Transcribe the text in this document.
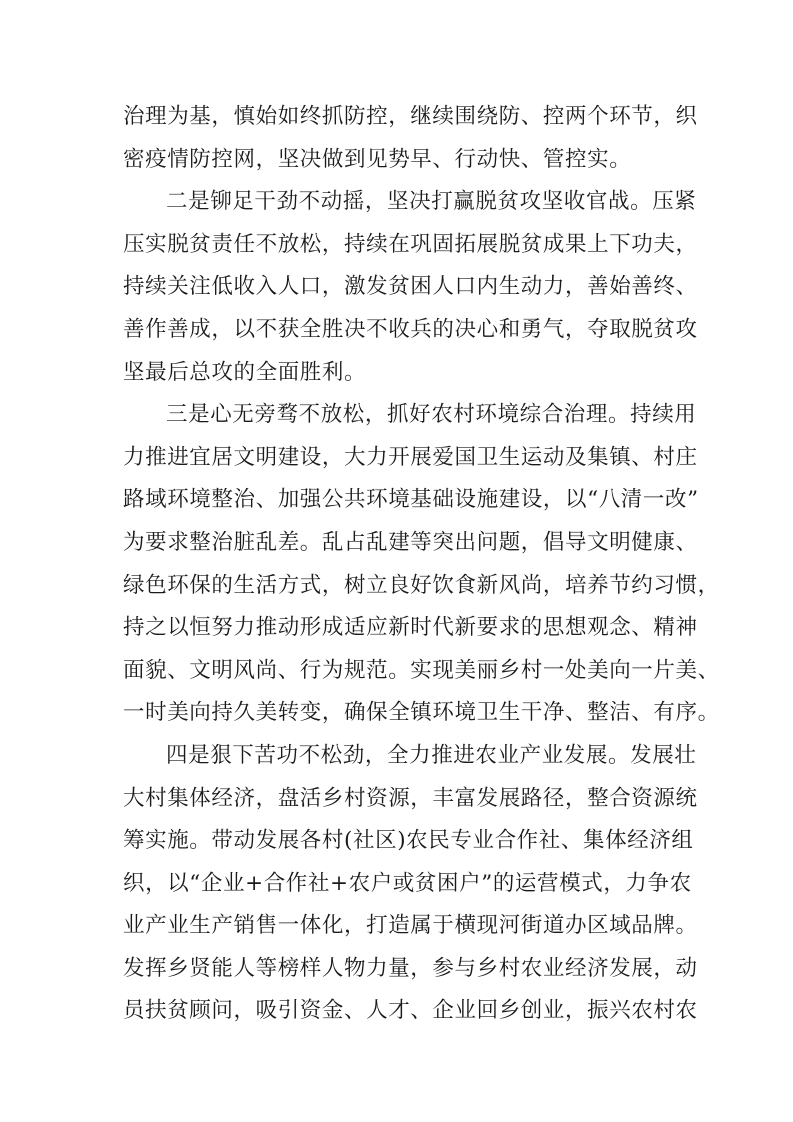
治理为基，慎始如终抓防控，继续围绕防、控两个环节，织
密疫情防控网，坚决做到见势早、行动快、管控实。
二是铆足干劲不动摇，坚决打赢脱贫攻坚收官战。压紧
压实脱贫责任不放松，持续在巩固拓展脱贫成果上下功夫，
持续关注低收入人口，激发贫困人口内生动力，善始善终、
善作善成，以不获全胜决不收兵的决心和勇气，夺取脱贫攻
坚最后总攻的全面胜利。
三是心无旁骛不放松，抓好农村环境综合治理。持续用
力推进宜居文明建设，大力开展爱国卫生运动及集镇、村庄
路域环境整治、加强公共环境基础设施建设，以“八清一改”
为要求整治脏乱差。乱占乱建等突出问题，倡导文明健康、
绿色环保的生活方式，树立良好饮食新风尚，培养节约习惯，
持之以恒努力推动形成适应新时代新要求的思想观念、精神
面貌、文明风尚、行为规范。实现美丽乡村一处美向一片美、
一时美向持久美转变，确保全镇环境卫生干净、整洁、有序。
四是狠下苦功不松劲，全力推进农业产业发展。发展壮
大村集体经济，盘活乡村资源，丰富发展路径，整合资源统
筹实施。带动发展各村(社区)农民专业合作社、集体经济组
织，以“企业+合作社+农户或贫困户”的运营模式，力争农
业产业生产销售一体化，打造属于横现河街道办区域品牌。
发挥乡贤能人等榜样人物力量，参与乡村农业经济发展，动
员扶贫顾问，吸引资金、人才、企业回乡创业，振兴农村农
